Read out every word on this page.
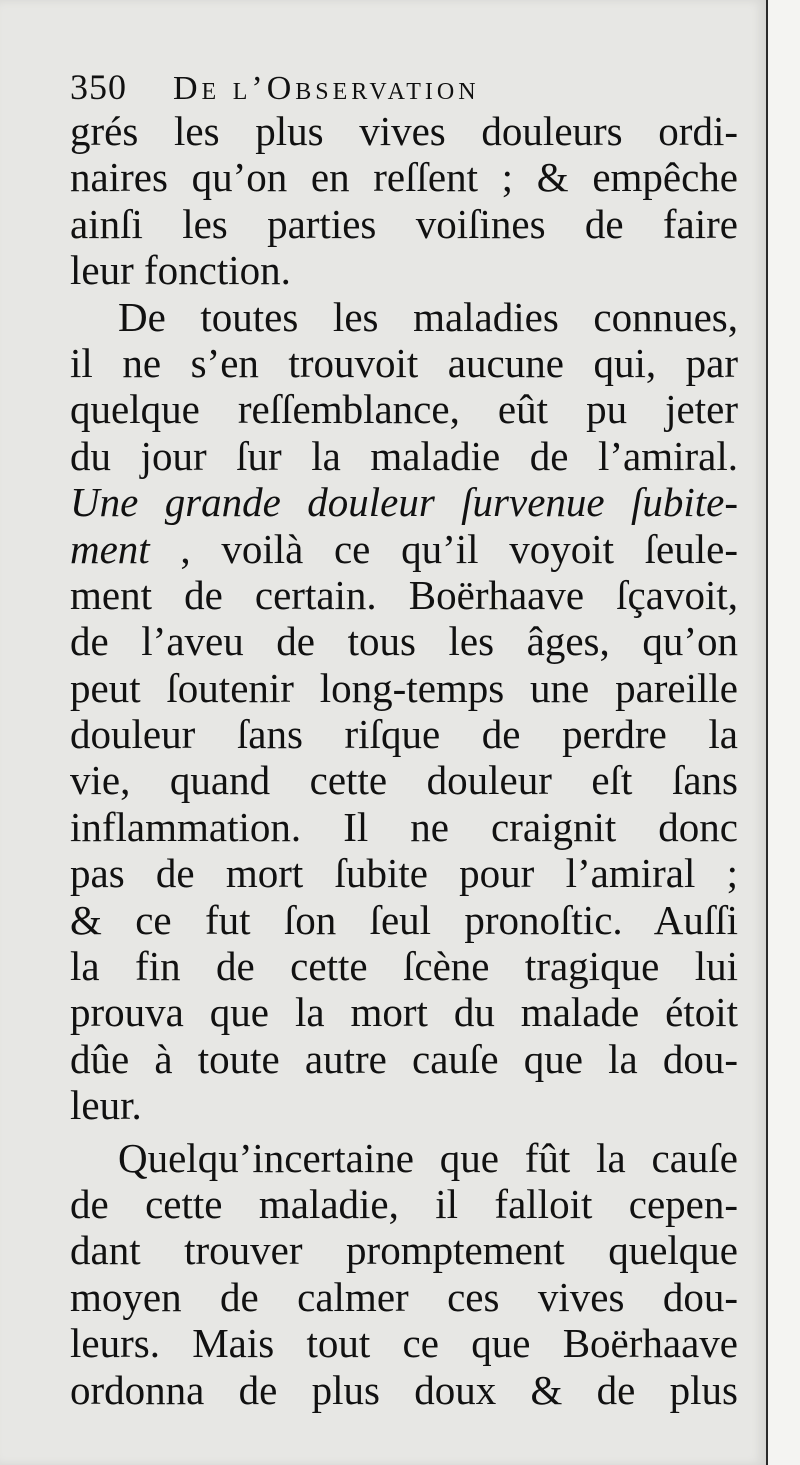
350 De l’Observation
grés les plus vives douleurs ordi-
naires qu’on en reſſent ; & empêche
ainſi les parties voiſines de faire
leur fonction.
De toutes les maladies connues,
il ne s’en trouvoit aucune qui, par
quelque reſſemblance, eût pu jeter
du jour ſur la maladie de l’amiral.
Une grande douleur ſurvenue ſubite-
ment , voilà ce qu’il voyoit ſeule-
ment de certain. Boërhaave ſçavoit,
de l’aveu de tous les âges, qu’on
peut ſoutenir long-temps une pareille
douleur ſans riſque de perdre la
vie, quand cette douleur eſt ſans
inflammation. Il ne craignit donc
pas de mort ſubite pour l’amiral ;
& ce fut ſon ſeul pronoſtic. Auſſi
la fin de cette ſcène tragique lui
prouva que la mort du malade étoit
dûe à toute autre cauſe que la dou-
leur.
Quelqu’incertaine que fût la cauſe
de cette maladie, il falloit cepen-
dant trouver promptement quelque
moyen de calmer ces vives dou-
leurs. Mais tout ce que Boërhaave
ordonna de plus doux & de plus
